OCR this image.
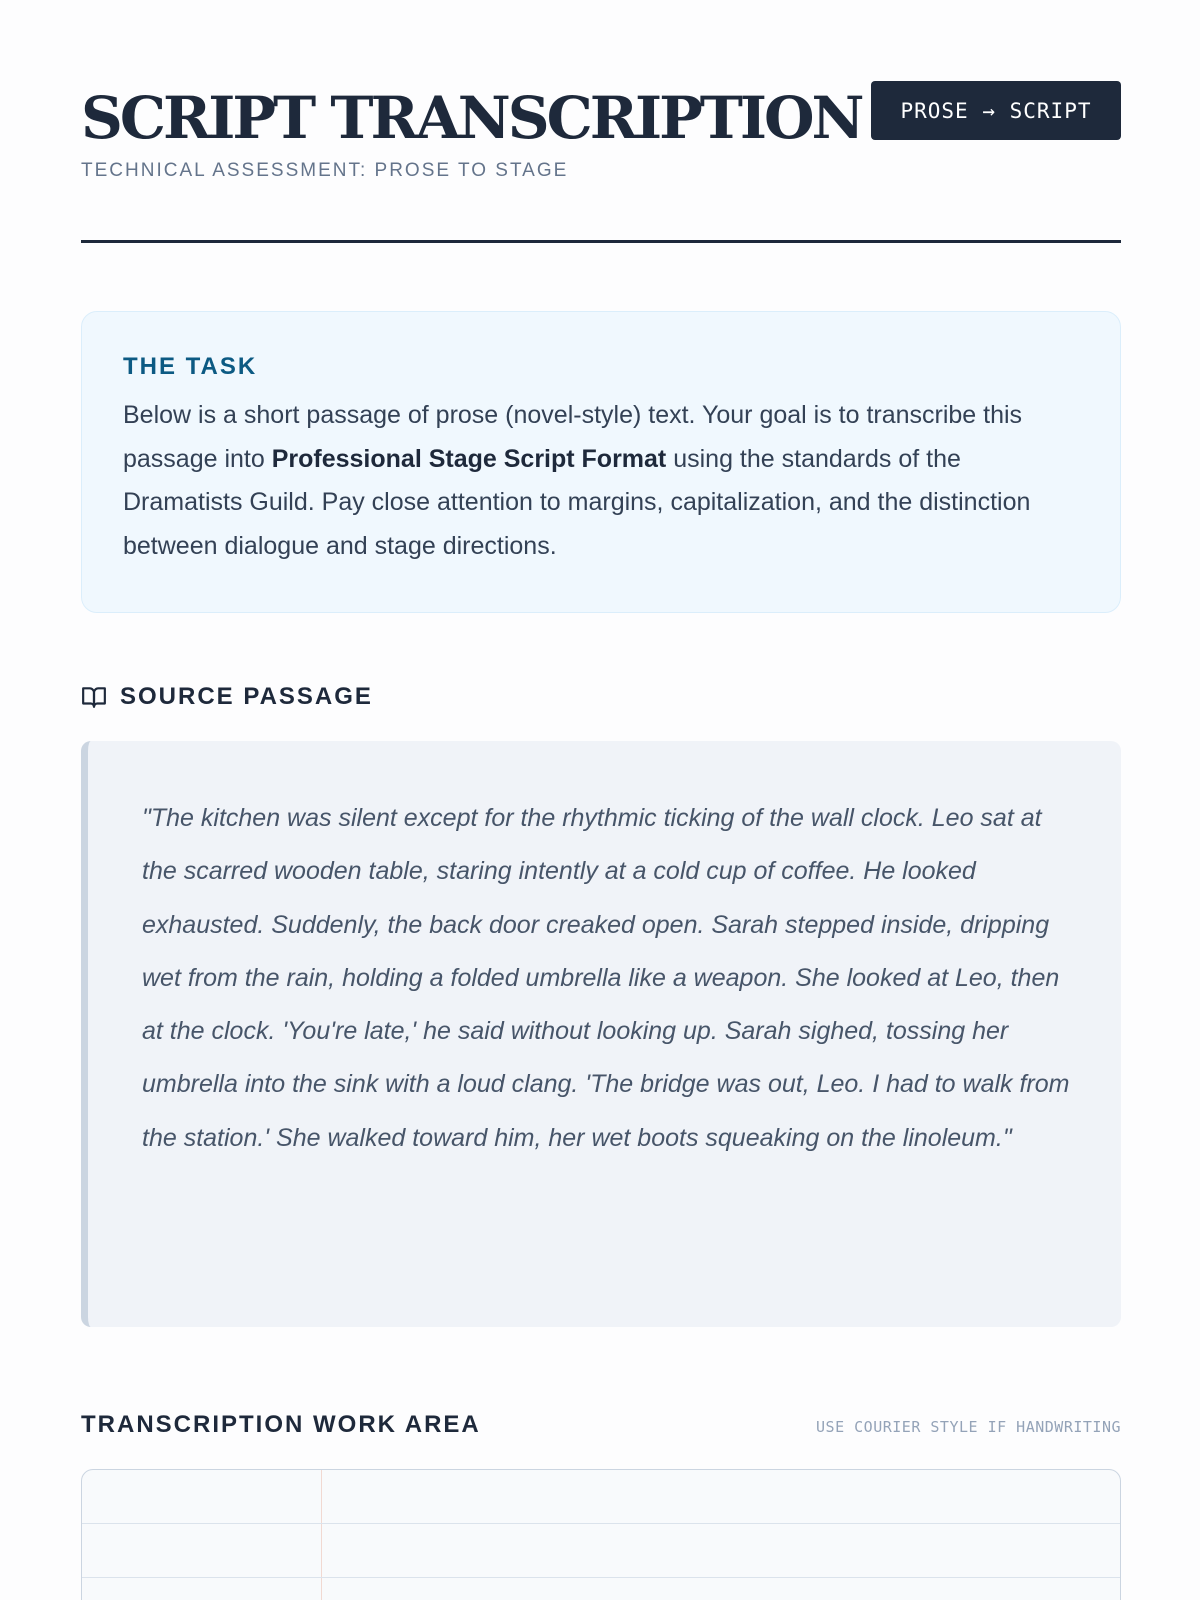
SCRIPT TRANSCRIPTION
TECHNICAL ASSESSMENT: PROSE TO STAGE
PROSE → SCRIPT
THE TASK
Below is a short passage of prose (novel-style) text. Your goal is to transcribe this passage into Professional Stage Script Format using the standards of the Dramatists Guild. Pay close attention to margins, capitalization, and the distinction between dialogue and stage directions.
SOURCE PASSAGE
"The kitchen was silent except for the rhythmic ticking of the wall clock. Leo sat at the scarred wooden table, staring intently at a cold cup of coffee. He looked exhausted. Suddenly, the back door creaked open. Sarah stepped inside, dripping wet from the rain, holding a folded umbrella like a weapon. She looked at Leo, then at the clock. 'You're late,' he said without looking up. Sarah sighed, tossing her umbrella into the sink with a loud clang. 'The bridge was out, Leo. I had to walk from the station.' She walked toward him, her wet boots squeaking on the linoleum."
TRANSCRIPTION WORK AREA	USE COURIER STYLE IF HANDWRITING
